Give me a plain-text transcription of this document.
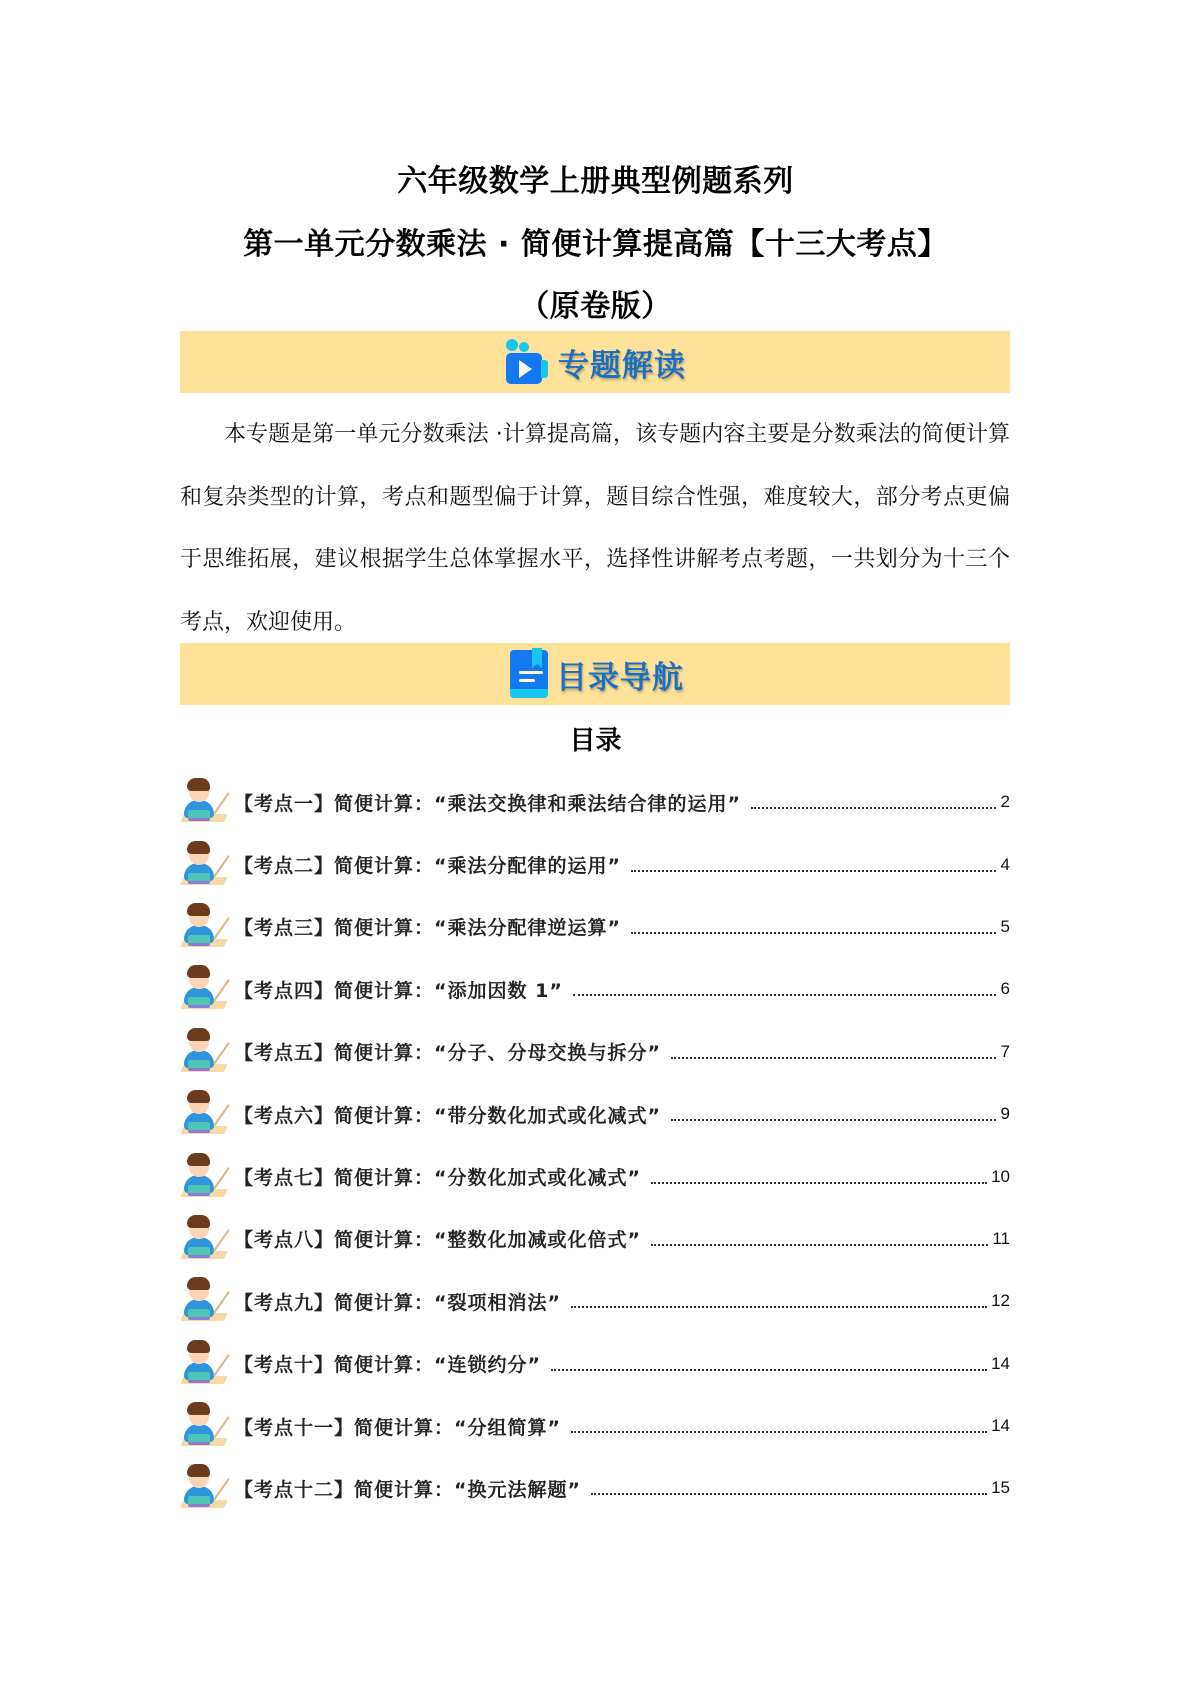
六年级数学上册典型例题系列
第一单元分数乘法 · 简便计算提高篇【十三大考点】
（原卷版）
专题解读

本专题是第一单元分数乘法 ·计算提高篇，该专题内容主要是分数乘法的简便计算和复杂类型的计算，考点和题型偏于计算，题目综合性强，难度较大，部分考点更偏于思维拓展，建议根据学生总体掌握水平，选择性讲解考点考题，一共划分为十三个考点，欢迎使用。

目录导航
目录
【考点一】简便计算：“乘法交换律和乘法结合律的运用”	2
【考点二】简便计算：“乘法分配律的运用”	4
【考点三】简便计算：“乘法分配律逆运算”	5
【考点四】简便计算：“添加因数 1”	6
【考点五】简便计算：“分子、分母交换与拆分”	7
【考点六】简便计算：“带分数化加式或化减式”	9
【考点七】简便计算：“分数化加式或化减式”	10
【考点八】简便计算：“整数化加减或化倍式”	11
【考点九】简便计算：“裂项相消法”	12
【考点十】简便计算：“连锁约分”	14
【考点十一】简便计算：“分组简算”	14
【考点十二】简便计算：“换元法解题”	15
